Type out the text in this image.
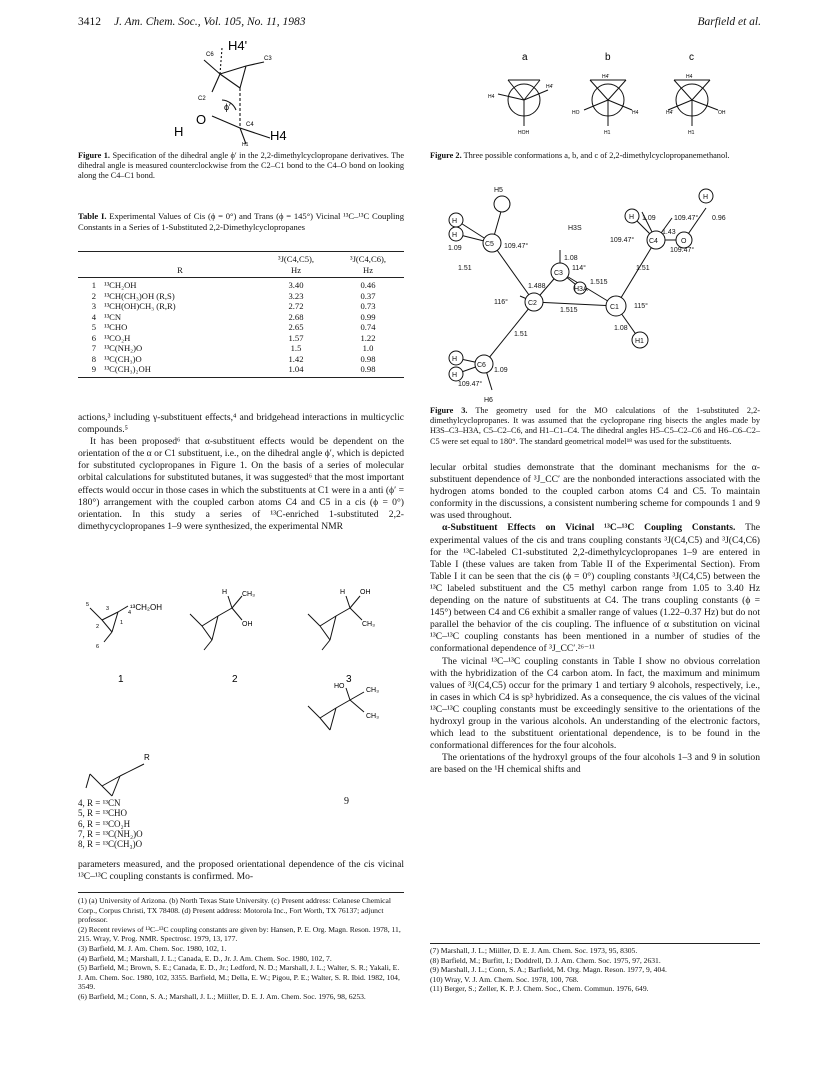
3412 J. Am. Chem. Soc., Vol. 105, No. 11, 1983	Barfield et al.
C6
C2
C3
H4'
H
O	C4
H4
H1
ϕ′
Figure 1. Specification of the dihedral angle ϕ′ in the 2,2-dimethylcyclopropane derivatives. The dihedral angle is measured counterclockwise from the C2–C1 bond to the C4–O bond on looking along the C4–C1 bond.
Table I. Experimental Values of Cis (ϕ = 0°) and Trans (ϕ = 145°) Vicinal ¹³C–¹³C Coupling Constants in a Series of 1-Substituted 2,2-Dimethylcyclopropanes
		³J(C4,C5),	³J(C4,C6),
	R	Hz	Hz
1	¹³CH₂OH	3.40	0.46
2	¹³CH(CH₃)OH (R,S)	3.23	0.37
3	¹³CH(OH)CH₃ (R,R)	2.72	0.73
4	¹³CN	2.68	0.99
5	¹³CHO	2.65	0.74
6	¹³CO₂H	1.57	1.22
7	¹³C(NH₂)O	1.5	1.0
8	¹³C(CH₃)O	1.42	0.98
9	¹³C(CH₃)₂OH	1.04	0.98
actions,³ including γ-substituent effects,⁴ and bridgehead interactions in multicyclic compounds.⁵
It has been proposed⁶ that α-substituent effects would be dependent on the orientation of the α or C1 substituent, i.e., on the dihedral angle ϕ′, which is depicted for substituted cyclopropanes in Figure 1. On the basis of a series of molecular orbital calculations for substituted butanes, it was suggested⁶ that the most important effects would occur in those cases in which the substituents at C1 were in a anti (ϕ′ = 180°) arrangement with the coupled carbon atoms C4 and C5 in a cis (ϕ = 0°) orientation. In this study a series of ¹³C-enriched 1-substituted 2,2-dimethycyclopropanes 1–9 were synthesized, the experimental NMR
5
3
4
1
2
6
¹³CH₂OH
1
H CH₃
OH
2
H OH
CH₃
3
HO
CH₃
CH₃
R
4, R = ¹³CN
5, R = ¹³CHO
6, R = ¹³CO₂H
7, R = ¹³C(NH₂)O
8, R = ¹³C(CH₃)O
9
parameters measured, and the proposed orientational dependence of the cis vicinal ¹³C–¹³C coupling constants is confirmed. Mo-
(1) (a) University of Arizona. (b) North Texas State University. (c) Present address: Celanese Chemical Corp., Corpus Christi, TX 78408. (d) Present address: Motorola Inc., Fort Worth, TX 76137; adjunct professor.
(2) Recent reviews of ¹³C–¹³C coupling constants are given by: Hansen, P. E. Org. Magn. Reson. 1978, 11, 215. Wray, V. Prog. NMR. Spectrosc. 1979, 13, 177.
(3) Barfield, M. J. Am. Chem. Soc. 1980, 102, 1.
(4) Barfield, M.; Marshall, J. L.; Canada, E. D., Jr. J. Am. Chem. Soc. 1980, 102, 7.
(5) Barfield, M.; Brown, S. E.; Canada, E. D., Jr.; Ledford, N. D.; Marshall, J. L.; Walter, S. R.; Yakali, E. J. Am. Chem. Soc. 1980, 102, 3355. Barfield, M.; Della, E. W.; Pigou, P. E.; Walter, S. R. Ibid. 1982, 104, 3549.
(6) Barfield, M.; Conn, S. A.; Marshall, J. L.; Miiller, D. E. J. Am. Chem. Soc. 1976, 98, 6253.
a	b	c
H4
H4'
HOH
H4'
HO	H4
H1
H4'
H4
OH
H1
Figure 2. Three possible conformations a, b, and c of 2,2-dimethylcyclopropanemethanol.
H5
H
H
1.09
C5 109.47°
H3S
1.08
H
H 1.09	109.47° 0.96
1.43
O
C4
109.47°
109.47°
1.51
114°
C3
1.515
1.51
1.488
116°	C2
H3A
C1 115°
1.515
1.51
1.08
H1
C6
H
H
1.09
109.47°
H6
Figure 3. The geometry used for the MO calculations of the 1-substituted 2,2-dimethylcyclopropanes. It was assumed that the cyclopropane ring bisects the angles made by H3S–C3–H3A, C5–C2–C6, and H1–C1–C4. The dihedral angles H5–C5–C2–C6 and H6–C6–C2–C5 were set equal to 180°. The standard geometrical model¹⁸ was used for the substituents.
lecular orbital studies demonstrate that the dominant mechanisms for the α-substituent dependence of ³J_CC′ are the nonbonded interactions associated with the hydrogen atoms bonded to the coupled carbon atoms C4 and C5. To maintain conformity in the discussions, a consistent numbering scheme for compounds 1 and 9 was used throughout.
α-Substituent Effects on Vicinal ¹³C–¹³C Coupling Constants. The experimental values of the cis and trans coupling constants ³J(C4,C5) and ³J(C4,C6) for the ¹³C-labeled C1-substituted 2,2-dimethylcyclopropanes 1–9 are entered in Table I (these values are taken from Table II of the Experimental Section). From Table I it can be seen that the cis (ϕ = 0°) coupling constants ³J(C4,C5) between the ¹³C labeled substituent and the C5 methyl carbon range from 1.05 to 3.40 Hz depending on the nature of substituents at C4. The trans coupling constants (ϕ = 145°) between C4 and C6 exhibit a smaller range of values (1.22–0.37 Hz) but do not parallel the behavior of the cis coupling. The influence of α substitution on vicinal ¹³C–¹³C coupling constants has been mentioned in a number of studies of the conformational dependence of ³J_CC′.²⁶⁻¹¹
The vicinal ¹³C–¹³C coupling constants in Table I show no obvious correlation with the hybridization of the C4 carbon atom. In fact, the maximum and minimum values of ³J(C4,C5) occur for the primary 1 and tertiary 9 alcohols, respectively, i.e., in cases in which C4 is sp³ hybridized. As a consequence, the cis values of the vicinal ¹³C–¹³C coupling constants must be exceedingly sensitive to the orientations of the hydroxyl group in the various alcohols. An understanding of the electronic factors, which lead to the substituent orientational dependence, is to be found in the conformational differences for the four alcohols.
The orientations of the hydroxyl groups of the four alcohols 1–3 and 9 in solution are based on the ¹H chemical shifts and
(7) Marshall, J. L.; Miiller, D. E. J. Am. Chem. Soc. 1973, 95, 8305.
(8) Barfield, M.; Burfitt, I.; Doddrell, D. J. Am. Chem. Soc. 1975, 97, 2631.
(9) Marshall, J. L.; Conn, S. A.; Barfield, M. Org. Magn. Reson. 1977, 9, 404.
(10) Wray, V. J. Am. Chem. Soc. 1978, 100, 768.
(11) Berger, S.; Zeller, K. P. J. Chem. Soc., Chem. Commun. 1976, 649.
